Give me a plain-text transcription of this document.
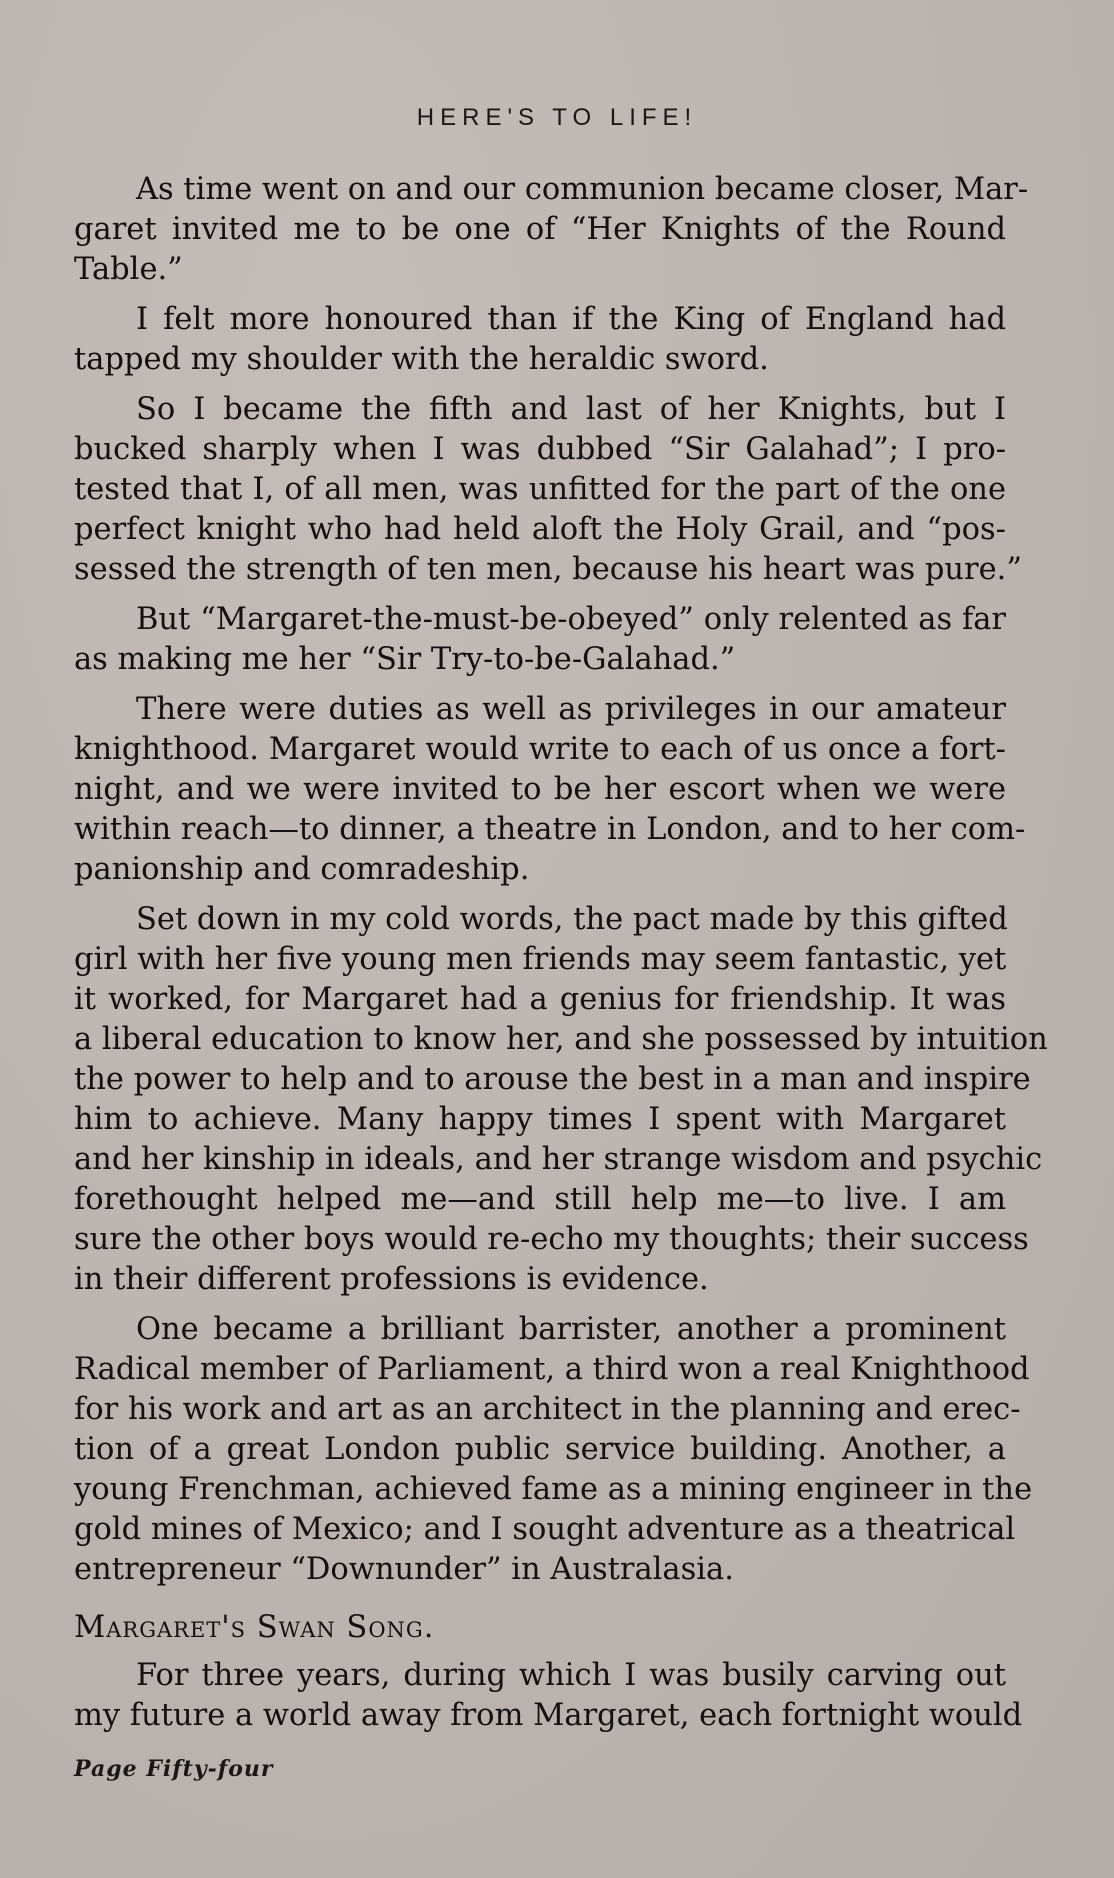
HERE'S TO LIFE!
As time went on and our communion became closer, Mar-
garet invited me to be one of “Her Knights of the Round
Table.”
I felt more honoured than if the King of England had
tapped my shoulder with the heraldic sword.
So I became the fifth and last of her Knights, but I
bucked sharply when I was dubbed “Sir Galahad”; I pro-
tested that I, of all men, was unfitted for the part of the one
perfect knight who had held aloft the Holy Grail, and “pos-
sessed the strength of ten men, because his heart was pure.”
But “Margaret-the-must-be-obeyed” only relented as far
as making me her “Sir Try-to-be-Galahad.”
There were duties as well as privileges in our amateur
knighthood. Margaret would write to each of us once a fort-
night, and we were invited to be her escort when we were
within reach—to dinner, a theatre in London, and to her com-
panionship and comradeship.
Set down in my cold words, the pact made by this gifted
girl with her five young men friends may seem fantastic, yet
it worked, for Margaret had a genius for friendship. It was
a liberal education to know her, and she possessed by intuition
the power to help and to arouse the best in a man and inspire
him to achieve. Many happy times I spent with Margaret
and her kinship in ideals, and her strange wisdom and psychic
forethought helped me—and still help me—to live. I am
sure the other boys would re-echo my thoughts; their success
in their different professions is evidence.
One became a brilliant barrister, another a prominent
Radical member of Parliament, a third won a real Knighthood
for his work and art as an architect in the planning and erec-
tion of a great London public service building. Another, a
young Frenchman, achieved fame as a mining engineer in the
gold mines of Mexico; and I sought adventure as a theatrical
entrepreneur “Downunder” in Australasia.
Margaret's Swan Song.
For three years, during which I was busily carving out
my future a world away from Margaret, each fortnight would
Page Fifty-four
